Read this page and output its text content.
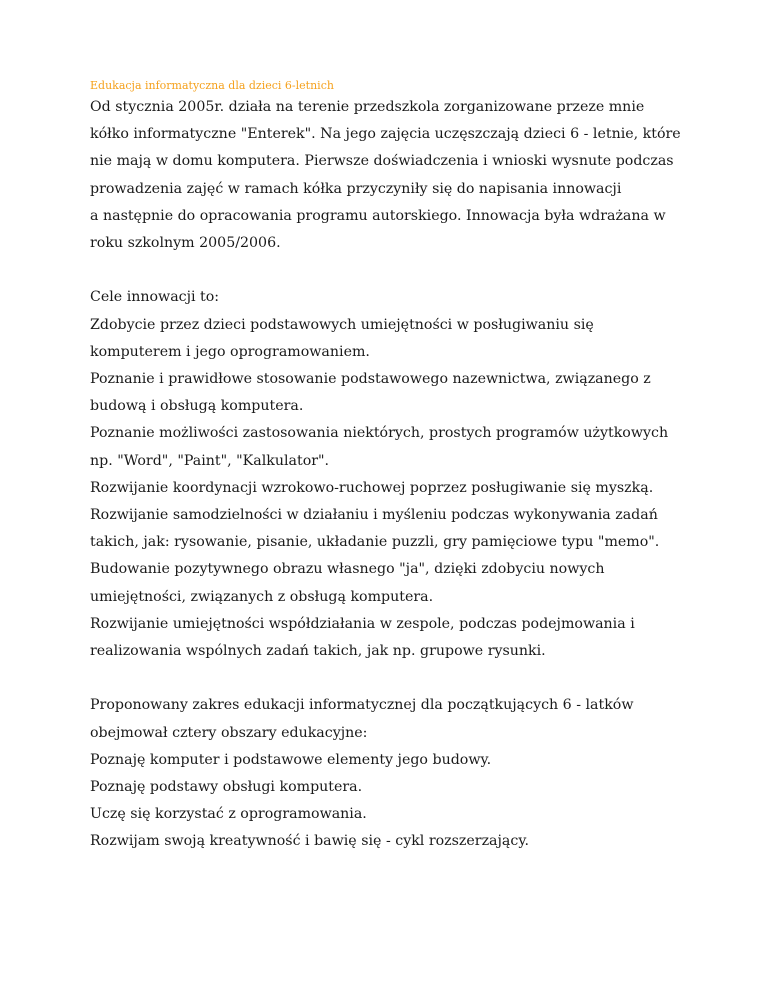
Edukacja informatyczna dla dzieci 6-letnich

Od stycznia 2005r. działa na terenie przedszkola zorganizowane przeze mnie

kółko informatyczne "Enterek". Na jego zajęcia uczęszczają dzieci 6 - letnie, które

nie mają w domu komputera. Pierwsze doświadczenia i wnioski wysnute podczas

prowadzenia zajęć w ramach kółka przyczyniły się do napisania innowacji

a następnie do opracowania programu autorskiego. Innowacja była wdrażana w

roku szkolnym 2005/2006.

Cele innowacji to:

Zdobycie przez dzieci podstawowych umiejętności w posługiwaniu się

komputerem i jego oprogramowaniem.

Poznanie i prawidłowe stosowanie podstawowego nazewnictwa, związanego z

budową i obsługą komputera.

Poznanie możliwości zastosowania niektórych, prostych programów użytkowych

np. "Word", "Paint", "Kalkulator".

Rozwijanie koordynacji wzrokowo-ruchowej poprzez posługiwanie się myszką.

Rozwijanie samodzielności w działaniu i myśleniu podczas wykonywania zadań

takich, jak: rysowanie, pisanie, układanie puzzli, gry pamięciowe typu "memo".

Budowanie pozytywnego obrazu własnego "ja", dzięki zdobyciu nowych

umiejętności, związanych z obsługą komputera.

Rozwijanie umiejętności współdziałania w zespole, podczas podejmowania i

realizowania wspólnych zadań takich, jak np. grupowe rysunki.

Proponowany zakres edukacji informatycznej dla początkujących 6 - latków

obejmował cztery obszary edukacyjne:

Poznaję komputer i podstawowe elementy jego budowy.

Poznaję podstawy obsługi komputera.

Uczę się korzystać z oprogramowania.

Rozwijam swoją kreatywność i bawię się - cykl rozszerzający.
